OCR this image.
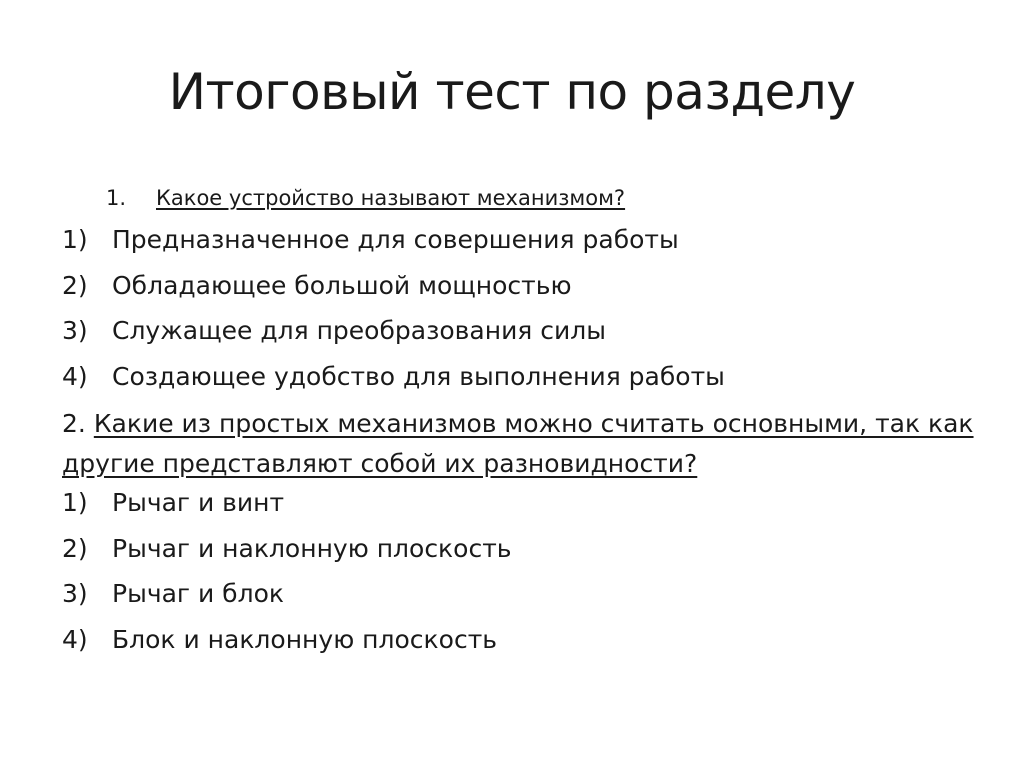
Итоговый тест по разделу
1. Какое устройство называют механизмом?
1) Предназначенное для совершения работы
2) Обладающее большой мощностью
3) Служащее для преобразования силы
4) Создающее удобство для выполнения работы
2. Какие из простых механизмов можно считать основными, так как другие представляют собой их разновидности?
1) Рычаг и винт
2) Рычаг и наклонную плоскость
3) Рычаг и блок
4) Блок и наклонную плоскость
